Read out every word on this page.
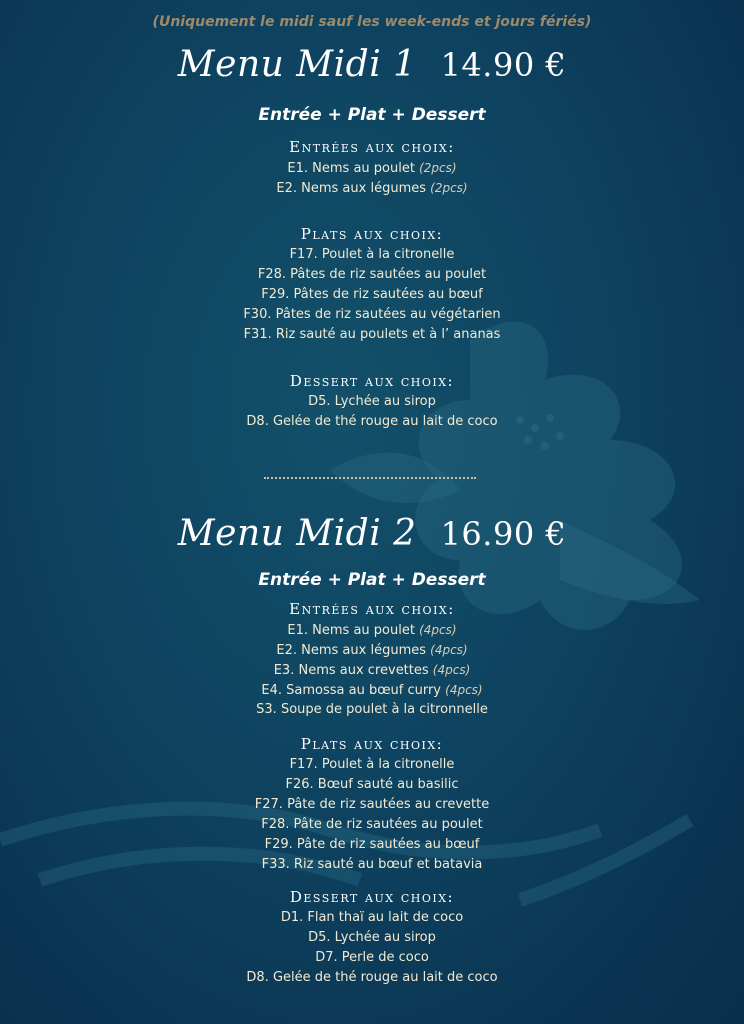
(Uniquement le midi sauf les week-ends et jours fériés)
Menu Midi 1 14.90 €
Entrée + Plat + Dessert
Entrées aux choix:
E1. Nems au poulet (2pcs)
E2. Nems aux légumes (2pcs)
Plats aux choix:
F17. Poulet à la citronelle
F28. Pâtes de riz sautées au poulet
F29. Pâtes de riz sautées au bœuf
F30. Pâtes de riz sautées au végétarien
F31. Riz sauté au poulets et à l’ ananas
Dessert aux choix:
D5. Lychée au sirop
D8. Gelée de thé rouge au lait de coco
Menu Midi 2 16.90 €
Entrée + Plat + Dessert
Entrées aux choix:
E1. Nems au poulet (4pcs)
E2. Nems aux légumes (4pcs)
E3. Nems aux crevettes (4pcs)
E4. Samossa au bœuf curry (4pcs)
S3. Soupe de poulet à la citronnelle
Plats aux choix:
F17. Poulet à la citronelle
F26. Bœuf sauté au basilic
F27. Pâte de riz sautées au crevette
F28. Pâte de riz sautées au poulet
F29. Pâte de riz sautées au bœuf
F33. Riz sauté au bœuf et batavia
Dessert aux choix:
D1. Flan thaï au lait de coco
D5. Lychée au sirop
D7. Perle de coco
D8. Gelée de thé rouge au lait de coco
